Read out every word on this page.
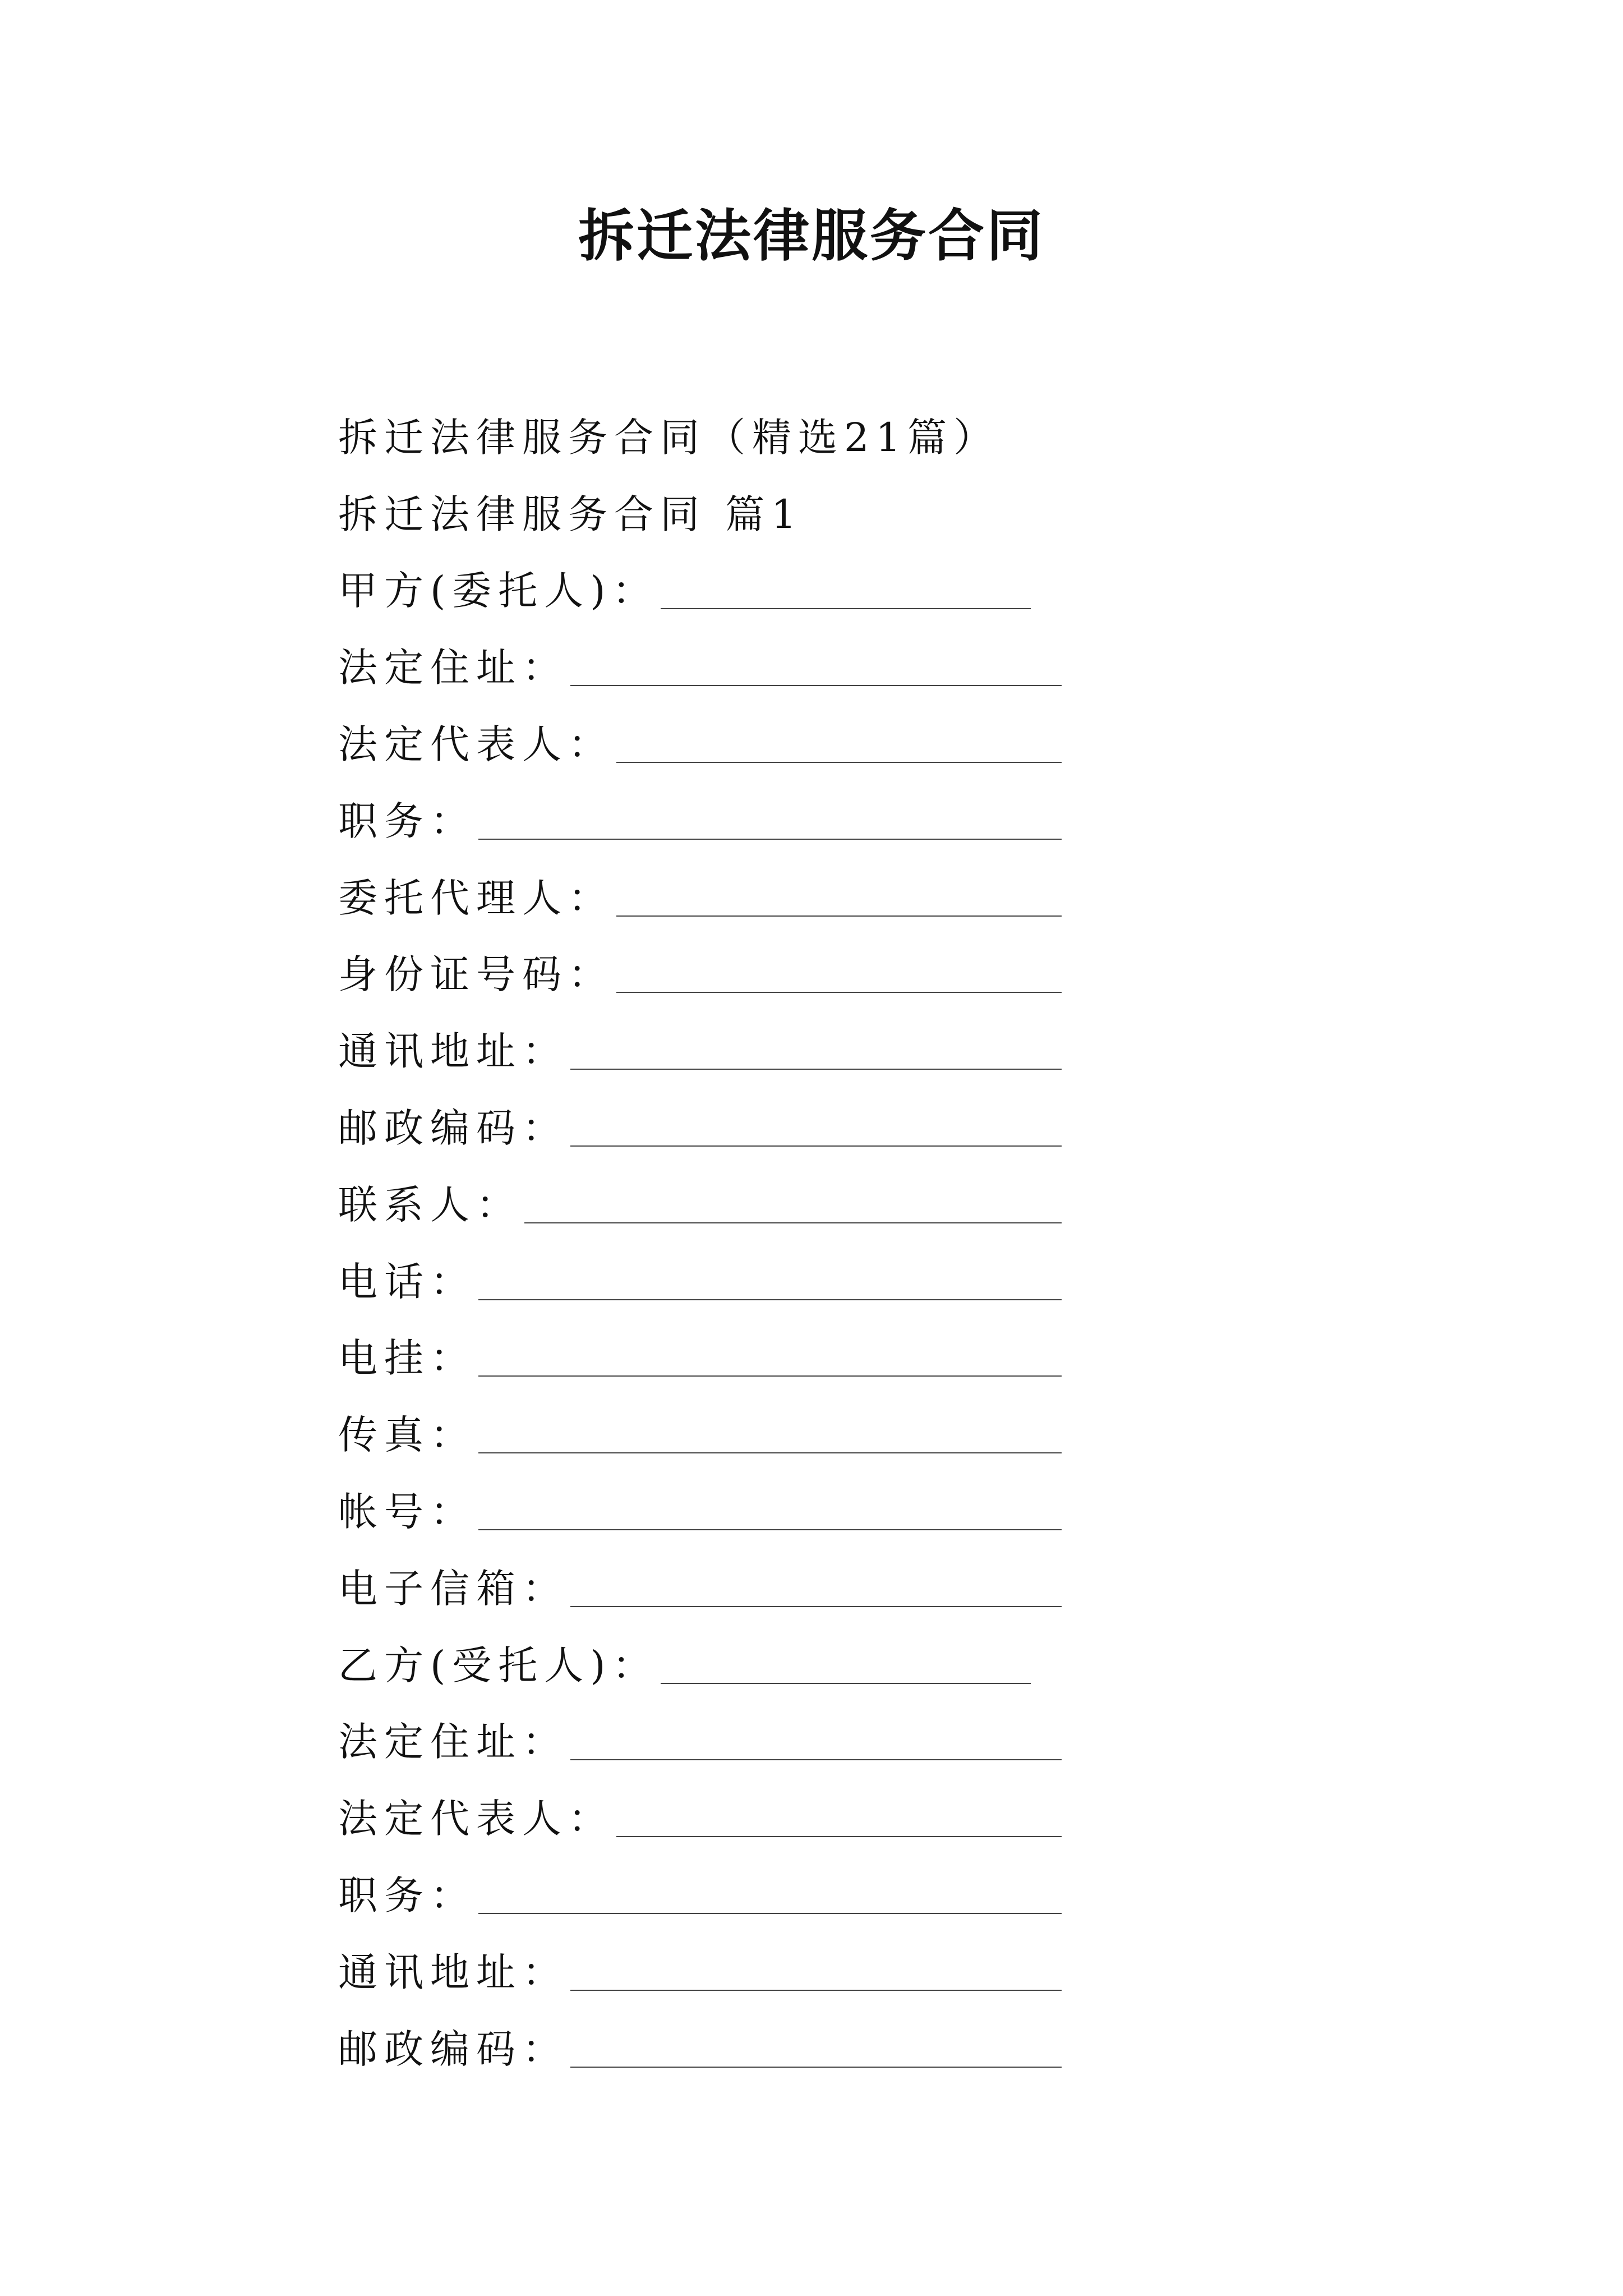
拆迁法律服务合同
拆迁法律服务合同（精选21篇）
拆迁法律服务合同 篇1
甲方(委托人)：
法定住址：
法定代表人：
职务：
委托代理人：
身份证号码：
通讯地址：
邮政编码：
联系人：
电话：
电挂：
传真：
帐号：
电子信箱：
乙方(受托人)：
法定住址：
法定代表人：
职务：
通讯地址：
邮政编码：
